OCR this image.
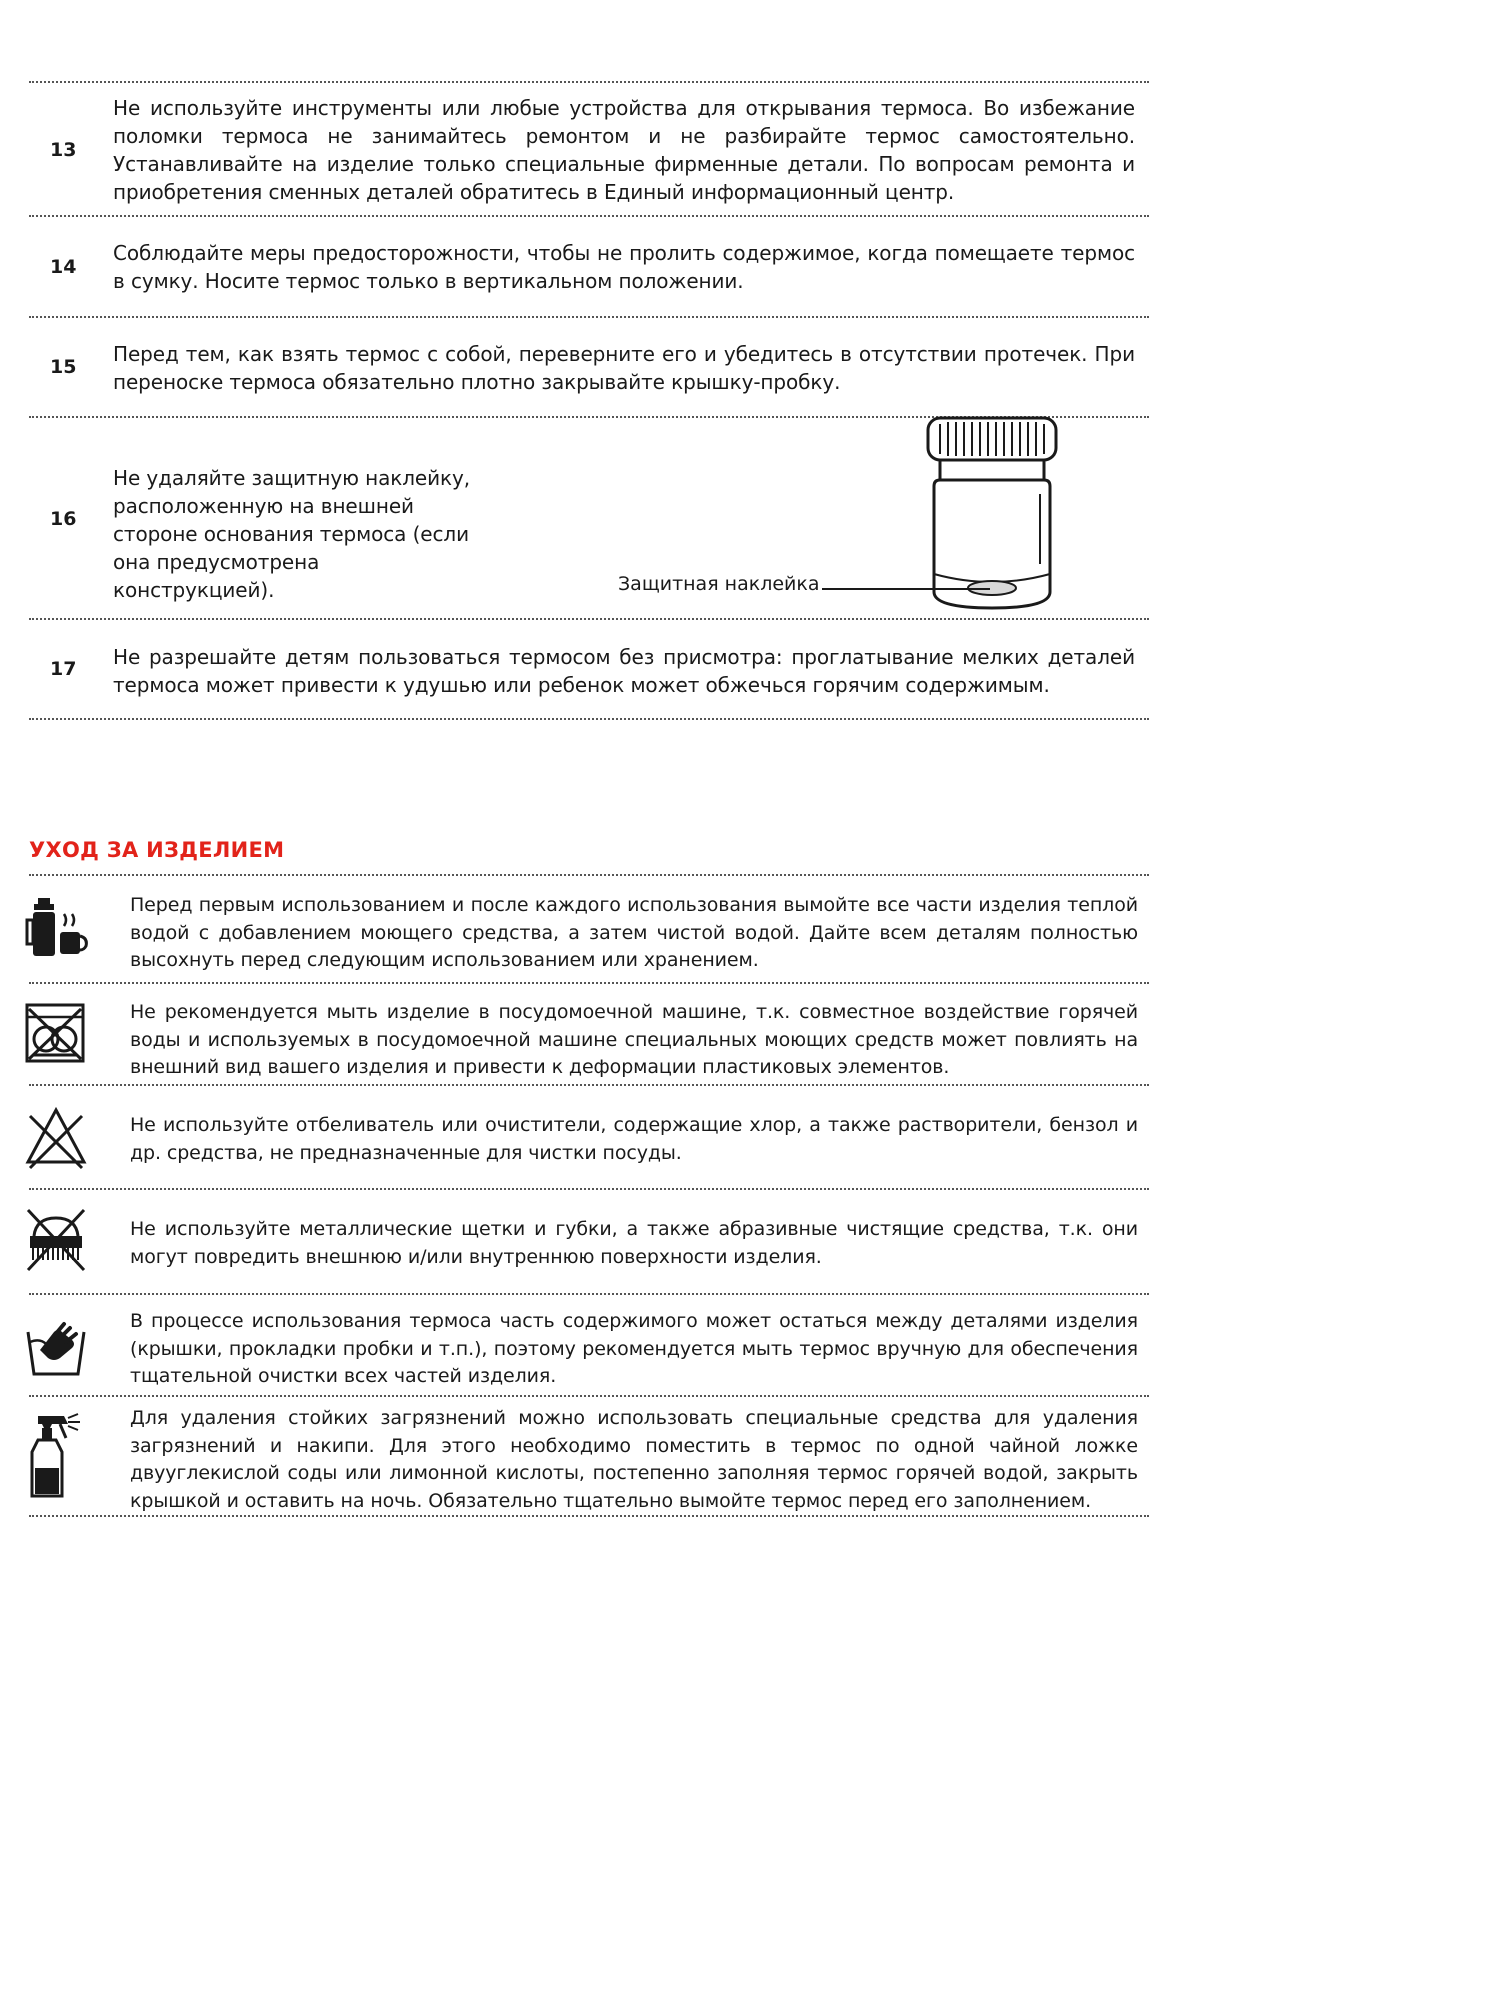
13
Не используйте инструменты или любые устройства для открывания термоса. Во избежание поломки термоса не занимайтесь ремонтом и не разбирайте термос самостоятельно. Устанавливайте на изделие только специальные фирменные детали. По вопросам ремонта и приобретения сменных деталей обратитесь в Единый информационный центр.
14
Соблюдайте меры предосторожности, чтобы не пролить содержимое, когда помещаете термос в сумку. Носите термос только в вертикальном положении.
15
Перед тем, как взять термос с собой, переверните его и убедитесь в отсутствии протечек. При переноске термоса обязательно плотно закрывайте крышку-пробку.
16
Не удаляйте защитную наклейку, расположенную на внешней стороне основания термоса (если она предусмотрена конструкцией).	Защитная наклейка
17	Не разрешайте детям пользоваться термосом без присмотра: проглатывание мелких деталей термоса может привести к удушью или ребенок может обжечься горячим содержимым.
УХОД ЗА ИЗДЕЛИЕМ
Перед первым использованием и после каждого использования вымойте все части изделия теплой водой с добавлением моющего средства, а затем чистой водой. Дайте всем деталям полностью высохнуть перед следующим использованием или хранением.
Не рекомендуется мыть изделие в посудомоечной машине, т.к. совместное воздействие горячей воды и используемых в посудомоечной машине специальных моющих средств может повлиять на внешний вид вашего изделия и привести к деформации пластиковых элементов.
Не используйте отбеливатель или очистители, содержащие хлор, а также растворители, бензол и др. средства, не предназначенные для чистки посуды.
Не используйте металлические щетки и губки, а также абразивные чистящие средства, т.к. они могут повредить внешнюю и/или внутреннюю поверхности изделия.
В процессе использования термоса часть содержимого может остаться между деталями изделия (крышки, прокладки пробки и т.п.), поэтому рекомендуется мыть термос вручную для обеспечения тщательной очистки всех частей изделия.
Для удаления стойких загрязнений можно использовать специальные средства для удаления загрязнений и накипи. Для этого необходимо поместить в термос по одной чайной ложке двууглекислой соды или лимонной кислоты, постепенно заполняя термос горячей водой, закрыть крышкой и оставить на ночь. Обязательно тщательно вымойте термос перед его заполнением.
